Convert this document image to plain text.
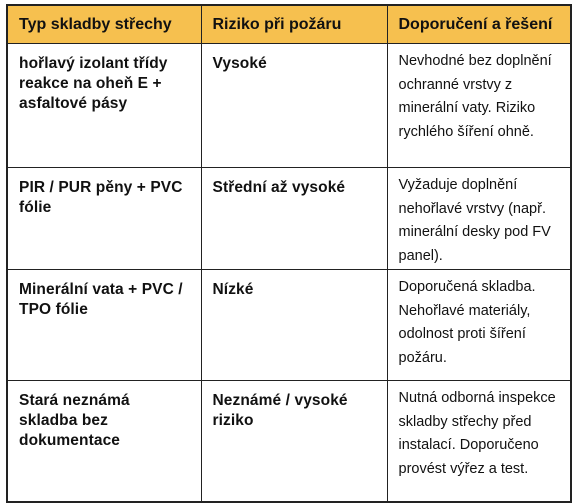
Typ skladby střechy	Riziko při požáru	Doporučení a řešení
hořlavý izolant třídy reakce na oheň E + asfaltové pásy	Vysoké	Nevhodné bez doplnění ochranné vrstvy z minerální vaty. Riziko rychlého šíření ohně.
PIR / PUR pěny + PVC fólie	Střední až vysoké	Vyžaduje doplnění nehořlavé vrstvy (např. minerální desky pod FV panel).
Minerální vata + PVC / TPO fólie	Nízké	Doporučená skladba. Nehořlavé materiály, odolnost proti šíření požáru.
Stará neznámá skladba bez dokumentace	Neznámé / vysoké riziko	Nutná odborná inspekce skladby střechy před instalací. Doporučeno provést výřez a test.
